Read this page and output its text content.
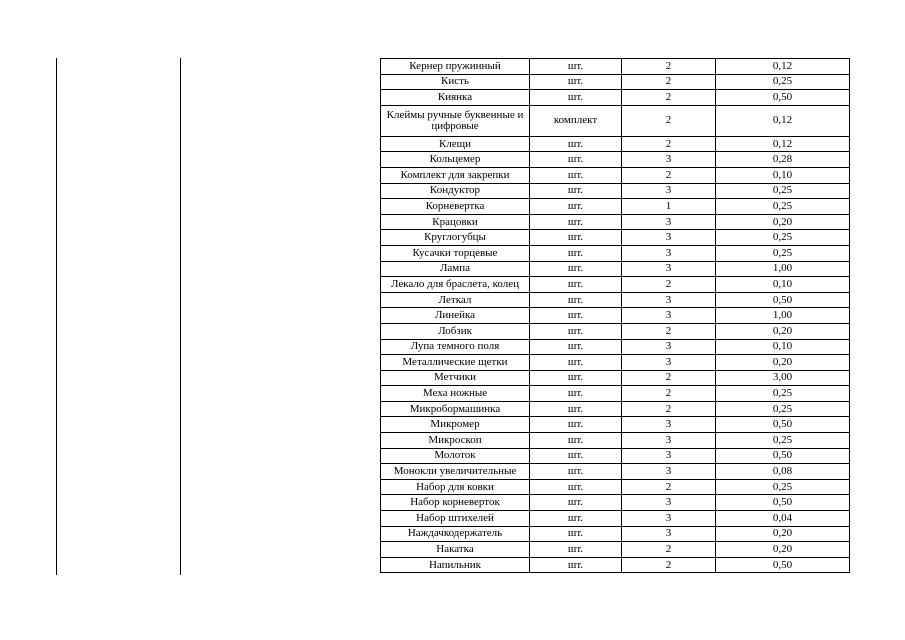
Кернер пружинный	шт.	2	0,12
Кисть	шт.	2	0,25
Киянка	шт.	2	0,50
Клеймы ручные буквенные и цифровые	комплект	2	0,12
Клещи	шт.	2	0,12
Кольцемер	шт.	3	0,28
Комплект для закрепки	шт.	2	0,10
Кондуктор	шт.	3	0,25
Корневертка	шт.	1	0,25
Крацовки	шт.	3	0,20
Круглогубцы	шт.	3	0,25
Кусачки торцевые	шт.	3	0,25
Лампа	шт.	3	1,00
Лекало для браслета, колец	шт.	2	0,10
Леткал	шт.	3	0,50
Линейка	шт.	3	1,00
Лобзик	шт.	2	0,20
Лупа темного поля	шт.	3	0,10
Металлические щетки	шт.	3	0,20
Метчики	шт.	2	3,00
Меха ножные	шт.	2	0,25
Микробормашинка	шт.	2	0,25
Микромер	шт.	3	0,50
Микроскоп	шт.	3	0,25
Молоток	шт.	3	0,50
Монокли увеличительные	шт.	3	0,08
Набор для ковки	шт.	2	0,25
Набор корневерток	шт.	3	0,50
Набор штихелей	шт.	3	0,04
Наждачкодержатель	шт.	3	0,20
Накатка	шт.	2	0,20
Напильник	шт.	2	0,50
